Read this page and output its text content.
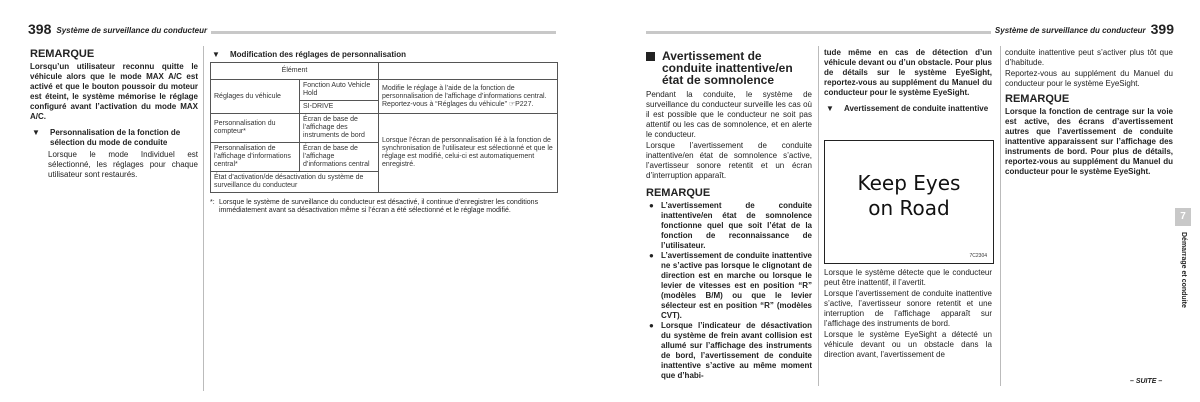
398 Système de surveillance du conducteur
REMARQUE

Lorsqu’un utilisateur reconnu quitte le véhicule alors que le mode MAX A/C est activé et que le bouton poussoir du moteur est éteint, le système mémorise le réglage configuré avant l’activation du mode MAX A/C.

▼	Personnalisation de la fonction de sélection du mode de conduite

Lorsque le mode Individuel est sélectionné, les réglages pour chaque utilisateur sont restaurés.

▼	Modification des réglages de personnalisation
Élément		
Réglages du véhicule	Fonction Auto Vehicle Hold	Modifie le réglage à l’aide de la fonction de personnalisation de l’affichage d’informations central. Reportez-vous à “Réglages du véhicule” ☞P227.
	SI-DRIVE	
Personnalisation du compteur*	Écran de base de l’affichage des instruments de bord	Lorsque l’écran de personnalisation lié à la fonction de synchronisation de l’utilisateur est sélectionné et que le réglage est modifié, celui-ci est automatiquement enregistré.
Personnalisation de l’affichage d’informations central*	Écran de base de l’affichage d’informations central	
État d’activation/de désactivation du système de surveillance du conducteur		
*: Lorsque le système de surveillance du conducteur est désactivé, il continue d’enregistrer les conditions immédiatement avant sa désactivation même si l’écran a été sélectionné et le réglage modifié.
Système de surveillance du conducteur 399
Avertissement de conduite inattentive/en état de somnolence

Pendant la conduite, le système de surveillance du conducteur surveille les cas où il est possible que le conducteur ne soit pas attentif ou les cas de somnolence, et en alerte le conducteur.

Lorsque l’avertissement de conduite inattentive/en état de somnolence s’active, l’avertisseur sonore retentit et un écran d’interruption apparaît.

REMARQUE
● L’avertissement de conduite inattentive/en état de somnolence fonctionne quel que soit l’état de la fonction de reconnaissance de l’utilisateur.
● L’avertissement de conduite inattentive ne s’active pas lorsque le clignotant de direction est en marche ou lorsque le levier de vitesses est en position “R” (modèles B/M) ou que le levier sélecteur est en position “R” (modèles CVT).
● Lorsque l’indicateur de désactivation du système de frein avant collision est allumé sur l’affichage des instruments de bord, l’avertissement de conduite inattentive s’active au même moment que d’habi-

tude même en cas de détection d’un véhicule devant ou d’un obstacle. Pour plus de détails sur le système EyeSight, reportez-vous au supplément du Manuel du conducteur pour le système EyeSight.

▼	Avertissement de conduite inattentive
Keep Eyes
on Road
7C2304

Lorsque le système détecte que le conducteur peut être inattentif, il l’avertit.

Lorsque l’avertissement de conduite inattentive s’active, l’avertisseur sonore retentit et une interruption de l’affichage apparaît sur l’affichage des instruments de bord.

Lorsque le système EyeSight a détecté un véhicule devant ou un obstacle dans la direction avant, l’avertissement de

conduite inattentive peut s’activer plus tôt que d’habitude.

Reportez-vous au supplément du Manuel du conducteur pour le système EyeSight.

REMARQUE

Lorsque la fonction de centrage sur la voie est active, des écrans d’avertissement autres que l’avertissement de conduite inattentive apparaissent sur l’affichage des instruments de bord. Pour plus de détails, reportez-vous au supplément du Manuel du conducteur pour le système EyeSight.

7
Démarrage et conduite
– SUITE –
